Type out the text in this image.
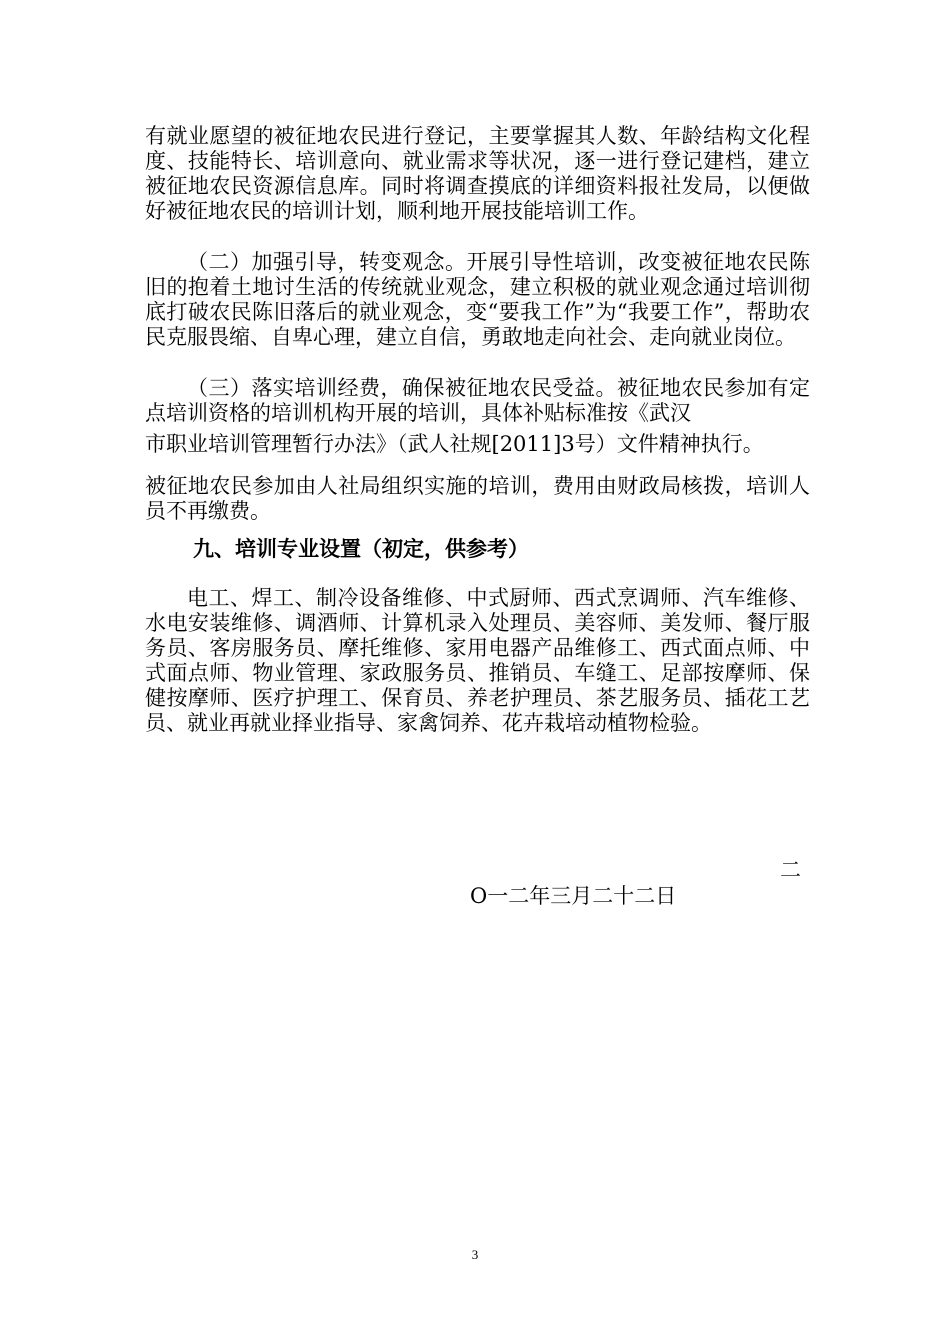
有就业愿望的被征地农民进行登记，主要掌握其人数、年龄结构文化程度、技能特长、培训意向、就业需求等状况，逐一进行登记建档，建立被征地农民资源信息库。同时将调查摸底的详细资料报社发局，以便做好被征地农民的培训计划，顺利地开展技能培训工作。

（二）加强引导，转变观念。开展引导性培训，改变被征地农民陈旧的抱着土地讨生活的传统就业观念，建立积极的就业观念通过培训彻底打破农民陈旧落后的就业观念，变“要我工作”为“我要工作”，帮助农民克服畏缩、自卑心理，建立自信，勇敢地走向社会、走向就业岗位。

（三）落实培训经费，确保被征地农民受益。被征地农民参加有定点培训资格的培训机构开展的培训，具体补贴标准按《武汉

市职业培训管理暂行办法》（武人社规[2011]3号）文件精神执行。

被征地农民参加由人社局组织实施的培训，费用由财政局核拨，培训人员不再缴费。

九、培训专业设置（初定，供参考）

电工、焊工、制冷设备维修、中式厨师、西式烹调师、汽车维修、水电安装维修、调酒师、计算机录入处理员、美容师、美发师、餐厅服务员、客房服务员、摩托维修、家用电器产品维修工、西式面点师、中式面点师、物业管理、家政服务员、推销员、车缝工、足部按摩师、保健按摩师、医疗护理工、保育员、养老护理员、茶艺服务员、插花工艺员、就业再就业择业指导、家禽饲养、花卉栽培动植物检验。

二
O一二年三月二十二日
3
